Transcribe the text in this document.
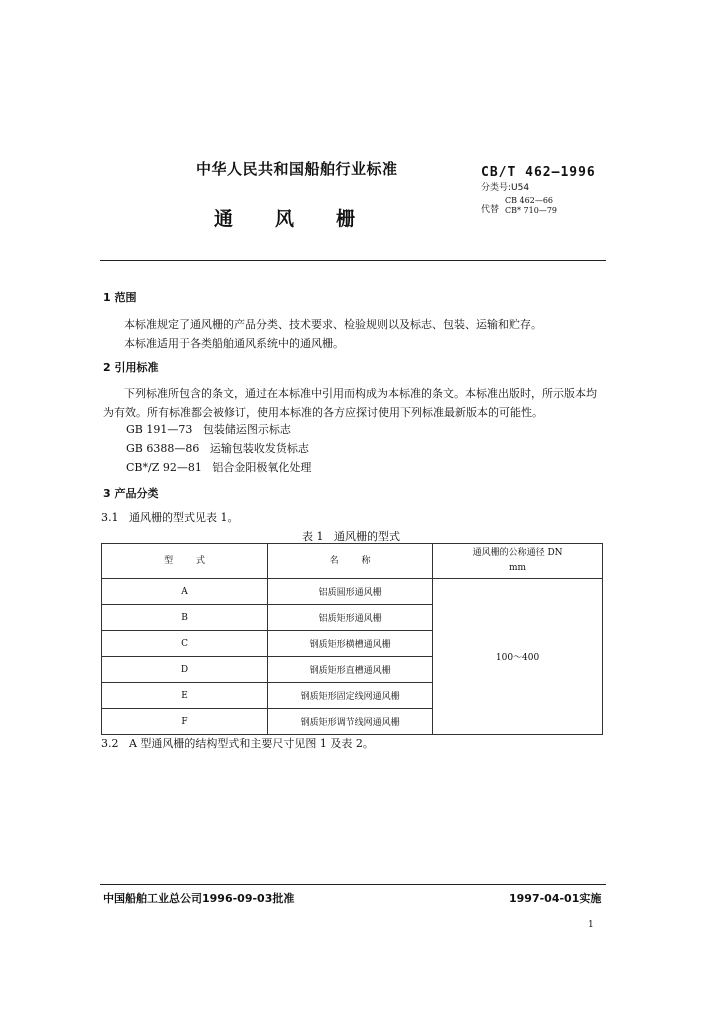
中华人民共和国船舶行业标准
通 风 栅
CB/T 462—1996
分类号:U54
代替
CB 462—66
CB* 710—79
1 范围
本标准规定了通风栅的产品分类、技术要求、检验规则以及标志、包装、运输和贮存。
本标准适用于各类船舶通风系统中的通风栅。
2 引用标准
下列标准所包含的条文，通过在本标准中引用而构成为本标准的条文。本标准出版时，所示版本均
为有效。所有标准都会被修订，使用本标准的各方应探讨使用下列标准最新版本的可能性。
GB 191—73   包装储运图示标志
GB 6388—86   运输包装收发货标志
CB*/Z 92—81   铝合金阳极氧化处理
3 产品分类
3.1   通风栅的型式见表 1。
表 1   通风栅的型式
型        式	名        称	通风栅的公称通径 DN
mm

A	铝质圆形通风栅	100～400
B	铝质矩形通风栅	
C	钢质矩形横槽通风栅	
D	钢质矩形直槽通风栅	
E	钢质矩形固定线网通风栅	
F	钢质矩形调节线网通风栅	
3.2   A 型通风栅的结构型式和主要尺寸见图 1 及表 2。
中国船舶工业总公司1996-09-03批准	1997-04-01实施
1
